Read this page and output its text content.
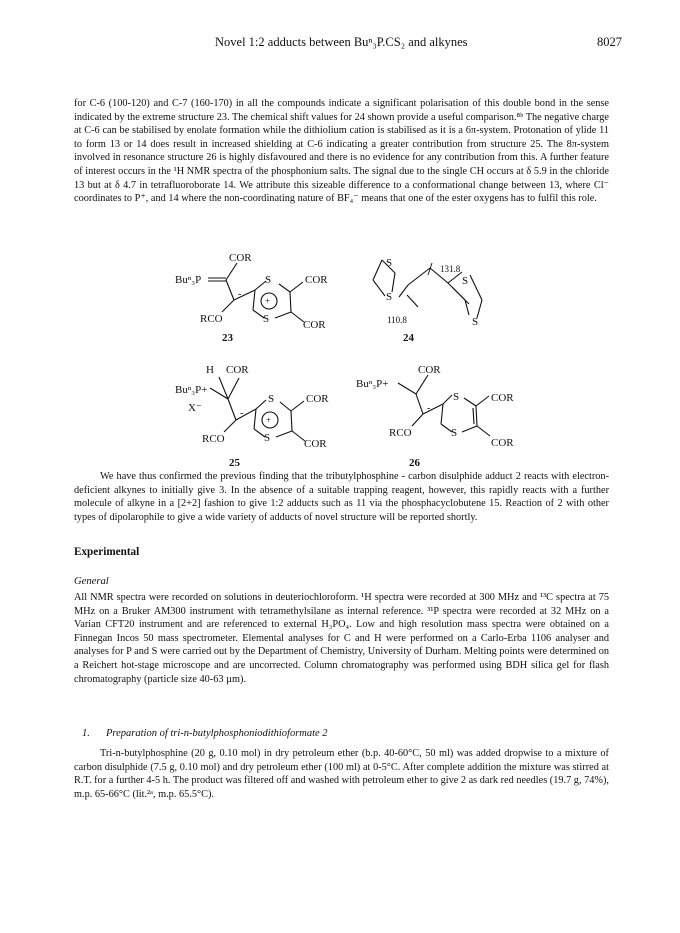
Novel 1:2 adducts between Buⁿ₃P.CS₂ and alkynes	8027

for C-6 (100-120) and C-7 (160-170) in all the compounds indicate a significant polarisation of this double bond in the sense indicated by the extreme structure 23. The chemical shift values for 24 shown provide a useful comparison.⁸ᵇ The negative charge at C-6 can be stabilised by enolate formation while the dithiolium cation is stabilised as it is a 6π-system. Protonation of ylide 11 to form 13 or 14 does result in increased shielding at C-6 indicating a greater contribution from structure 25. The 8π-system involved in resonance structure 26 is highly disfavoured and there is no evidence for any contribution from this. A further feature of interest occurs in the ¹H NMR spectra of the phosphonium salts. The signal due to the single CH occurs at δ 5.9 in the chloride 13 but at δ 4.7 in tetrafluoroborate 14. We attribute this sizeable difference to a conformational change between 13, where Cl⁻ coordinates to P⁺, and 14 where the non-coordinating nature of BF₄⁻ means that one of the ester oxygens has to fulfil this role.

Buⁿ₃P
COR
S	COR
+
-
RCO	S	COR
23
S
S
131.8
S
110.8	S
24
H COR
Buⁿ₃P+
S	COR
X⁻
+
-
RCO	S	COR
25
COR
Buⁿ₃P+
S	COR
-
RCO	S
COR
26

We have thus confirmed the previous finding that the tributylphosphine - carbon disulphide adduct 2 reacts with electron-deficient alkynes to initially give 3. In the absence of a suitable trapping reagent, however, this rapidly reacts with a further molecule of alkyne in a [2+2] fashion to give 1:2 adducts such as 11 via the phosphacyclobutene 15. Reaction of 2 with other types of dipolarophile to give a wide variety of adducts of novel structure will be reported shortly.

Experimental

General

All NMR spectra were recorded on solutions in deuteriochloroform. ¹H spectra were recorded at 300 MHz and ¹³C spectra at 75 MHz on a Bruker AM300 instrument with tetramethylsilane as internal reference. ³¹P spectra were recorded at 32 MHz on a Varian CFT20 instrument and are referenced to external H₃PO₄. Low and high resolution mass spectra were obtained on a Finnegan Incos 50 mass spectrometer. Elemental analyses for C and H were performed on a Carlo-Erba 1106 analyser and analyses for P and S were carried out by the Department of Chemistry, University of Durham. Melting points were determined on a Reichert hot-stage microscope and are uncorrected. Column chromatography was performed using BDH silica gel for flash chromatography (particle size 40-63 µm).

1. Preparation of tri-n-butylphosphoniodithioformate 2

Tri-n-butylphosphine (20 g, 0.10 mol) in dry petroleum ether (b.p. 40-60°C, 50 ml) was added dropwise to a mixture of carbon disulphide (7.5 g, 0.10 mol) and dry petroleum ether (100 ml) at 0-5°C. After complete addition the mixture was stirred at R.T. for a further 4-5 h. The product was filtered off and washed with petroleum ether to give 2 as dark red needles (19.7 g, 74%), m.p. 65-66°C (lit.²ᵃ, m.p. 65.5°C).
